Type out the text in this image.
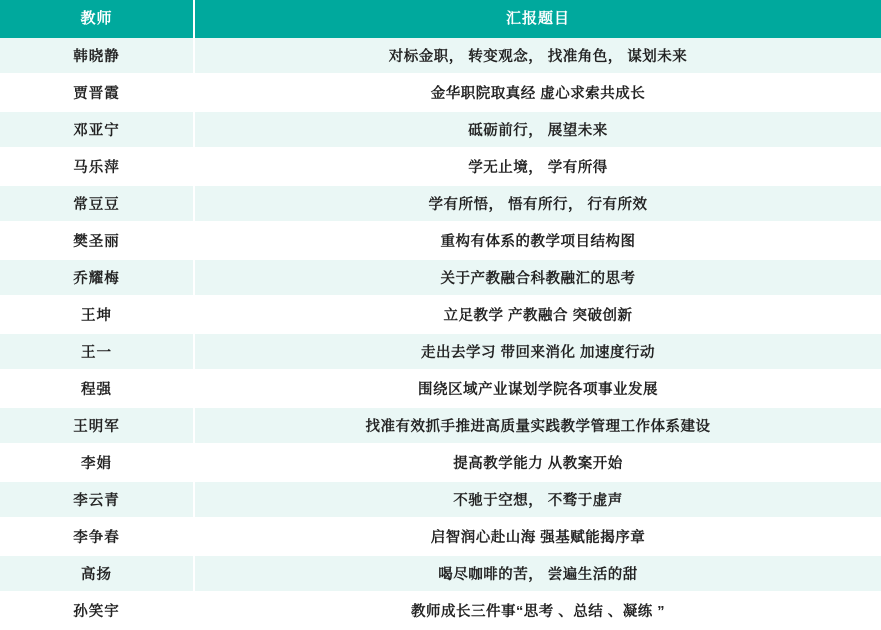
教师	汇报题目
韩晓静	对标金职， 转变观念， 找准角色， 谋划未来
贾晋霞	金华职院取真经 虚心求索共成长
邓亚宁	砥砺前行， 展望未来
马乐萍	学无止境， 学有所得
常豆豆	学有所悟， 悟有所行， 行有所效
樊圣丽	重构有体系的教学项目结构图
乔耀梅	关于产教融合科教融汇的思考
王坤	立足教学 产教融合 突破创新
王一	走出去学习 带回来消化 加速度行动
程强	围绕区域产业谋划学院各项事业发展
王明军	找准有效抓手推进高质量实践教学管理工作体系建设
李娟	提高教学能力 从教案开始
李云青	不驰于空想， 不骛于虚声
李争春	启智润心赴山海 强基赋能揭序章
高扬	喝尽咖啡的苦， 尝遍生活的甜
孙笑宇	教师成长三件事“思考 、总结 、凝练 ”
